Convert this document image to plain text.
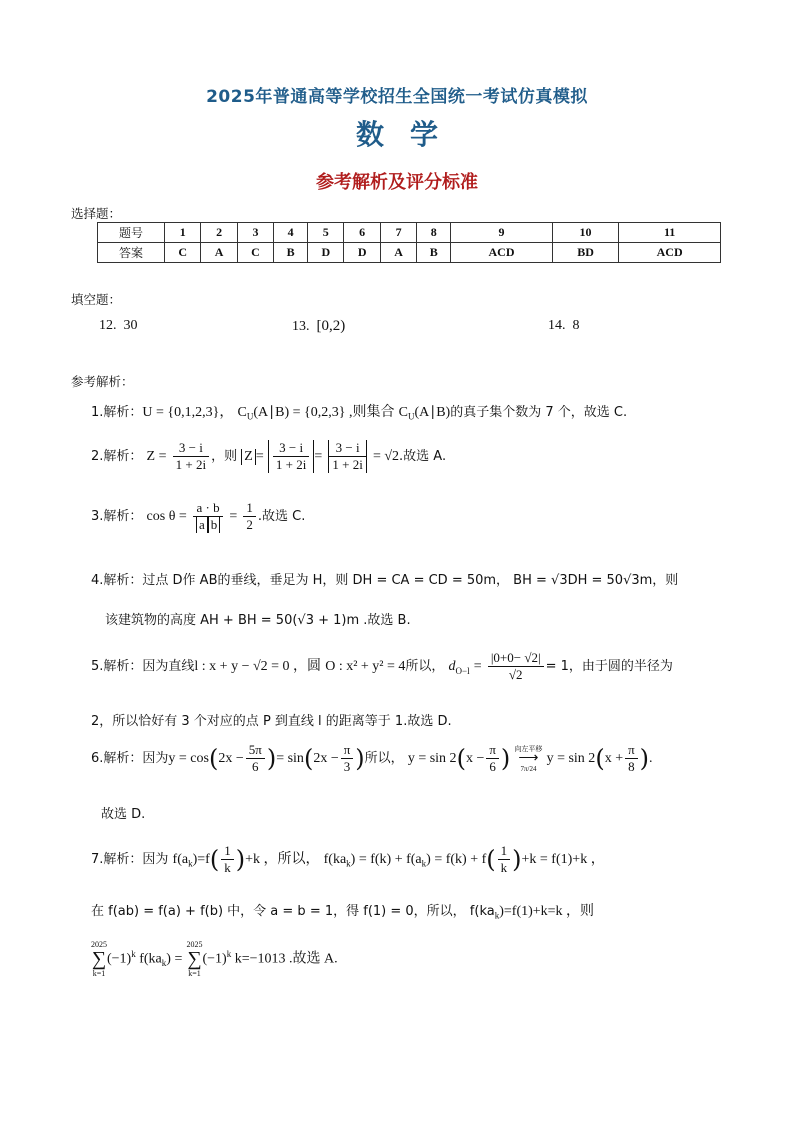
2025年普通高等学校招生全国统一考试仿真模拟
数学
参考解析及评分标准
选择题：
题号	1	2	3	4	5	6	7	8	9	10	11
答案	C	A	C	B	D	D	A	B	ACD	BD	ACD
填空题：
12. 30	13. [0,2)	14. 8
参考解析：
1.解析：U = {0,1,2,3}， $C_U(A∣B) = \{0,2,3\}$ ,则集合 $C_U(A∣B)$的真子集个数为 7 个，故选 C.
2.解析： $Z = \frac{3 - i}{1 + 2i}$ ，则 $Z = \frac{3 - i}{1 + 2i} = \frac{3 - i}{1 + 2i} = √2$.故选 A.
3.解析： $\cos \theta = \frac{a \cdot b}{\text{a b}} = \frac{1}{2}$ .故选 C.
4.解析：过点 D作 AB的垂线，垂足为 H，则 DH = CA = CD = 50m， BH = √3DH = 50√3m，则
该建筑物的高度 AH + BH = 50(√3 + 1)m .故选 B.
5.解析：因为直线l : x + y − √2 = 0 ，圆 O : x² + y² = 4所以， $d_{O-l} = \frac{|0+0- √2|}{√2} = 1$，由于圆的半径为
2，所以恰好有 3 个对应的点 P 到直线 l 的距离等于 1.故选 D.
6.解析：因为$y = \cos(2x - \frac{5\pi}{6}$ )= $\sin(2x - \frac{\pi}{3}$ )所以， $y = \sin 2(x - \frac{\pi}{6}$ ) 向左平移
⟶
7π/24
$y = \sin 2(x + \frac{\pi}{8}$ ).
故选 D.
7.解析：因为 $f(a_k)=f( \frac{1}{k} )+k$ ，所以， $f(ka_k) = f(k) + f(a_k) = f(k) + f( \frac{1}{k} )+k = f(1)+k$ ，
在 f(ab) = f(a) + f(b) 中，令 a = b = 1，得 f(1) = 0，所以， $f(ka_k)=f(1)+k=k$ ，则
2025
∑
k=1
$(-1)^k$ $f(ka_k)$ =
2025
∑
k=1
$(-1)^k$ k=−1013 .故选 A.
